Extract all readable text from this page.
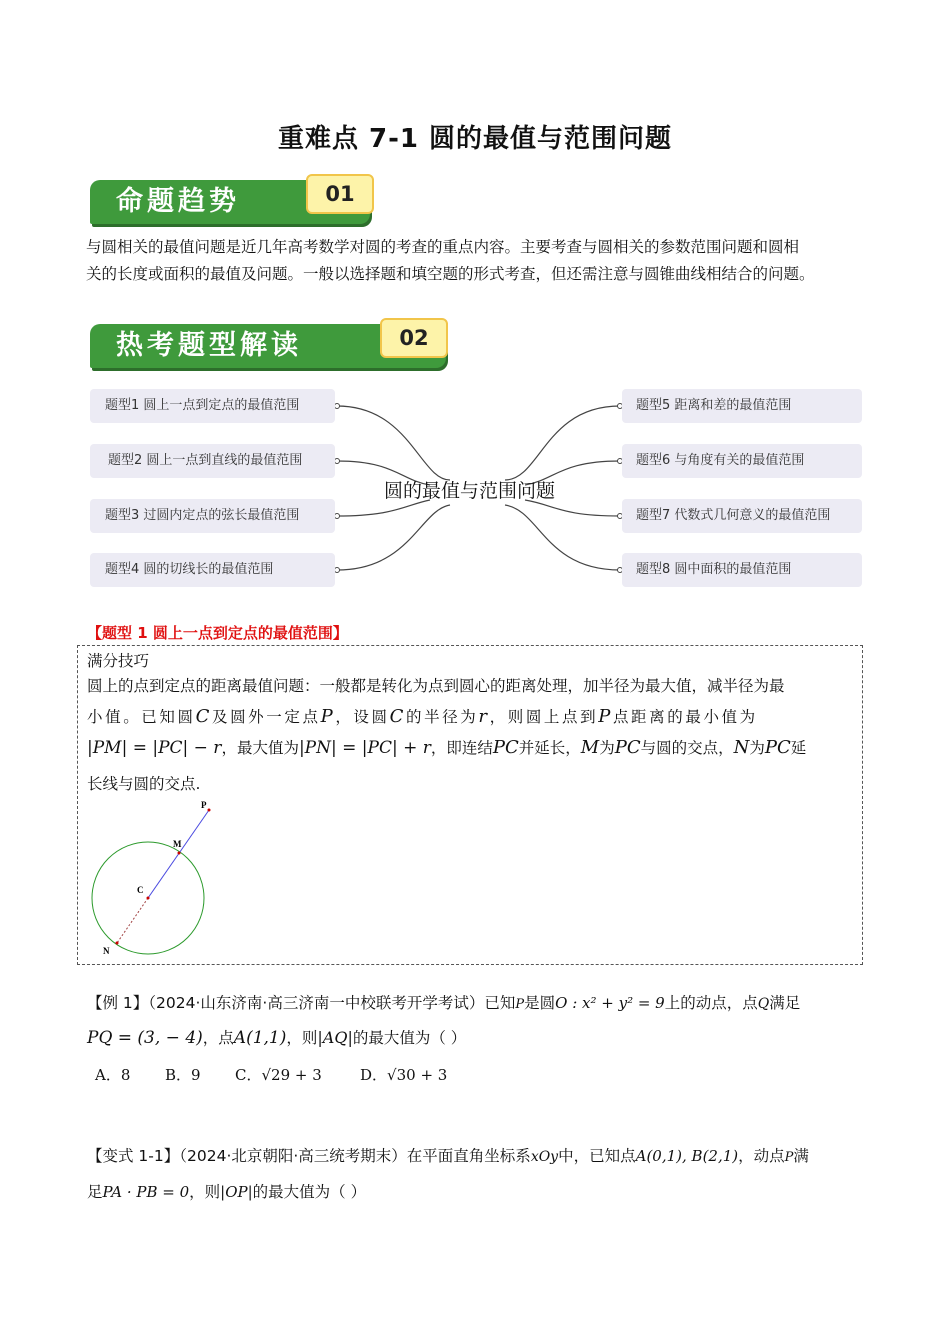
重难点 7-1 圆的最值与范围问题
命题趋势	01
与圆相关的最值问题是近几年高考数学对圆的考查的重点内容。主要考查与圆相关的参数范围问题和圆相
关的长度或面积的最值及问题。一般以选择题和填空题的形式考查，但还需注意与圆锥曲线相结合的问题。
热考题型解读	02
题型1 圆上一点到定点的最值范围
题型2 圆上一点到直线的最值范围
题型3 过圆内定点的弦长最值范围
题型4 圆的切线长的最值范围
圆的最值与范围问题
题型5 距离和差的最值范围
题型6 与角度有关的最值范围
题型7 代数式几何意义的最值范围
题型8 圆中面积的最值范围
【题型 1 圆上一点到定点的最值范围】
满分技巧
圆上的点到定点的距离最值问题：一般都是转化为点到圆心的距离处理，加半径为最大值，减半径为最
小值。已知圆C及圆外一定点P，设圆C的半径为r，则圆上点到P点距离的最小值为
|PM| = |PC| − r，最大值为|PN| = |PC| + r，即连结PC并延长，M为PC与圆的交点，N为PC延
长线与圆的交点.
P
M
C
N
【例 1】（2024·山东济南·高三济南一中校联考开学考试）已知P是圆O : x² + y² = 9上的动点，点Q满足
PQ = (3, − 4)，点A(1,1)，则|AQ|的最大值为（ ）
A．8 B．9 C．√29 + 3	D．√30 + 3
【变式 1-1】（2024·北京朝阳·高三统考期末）在平面直角坐标系xOy中，已知点A(0,1), B(2,1)，动点P满
足PA · PB = 0，则|OP|的最大值为（ ）
